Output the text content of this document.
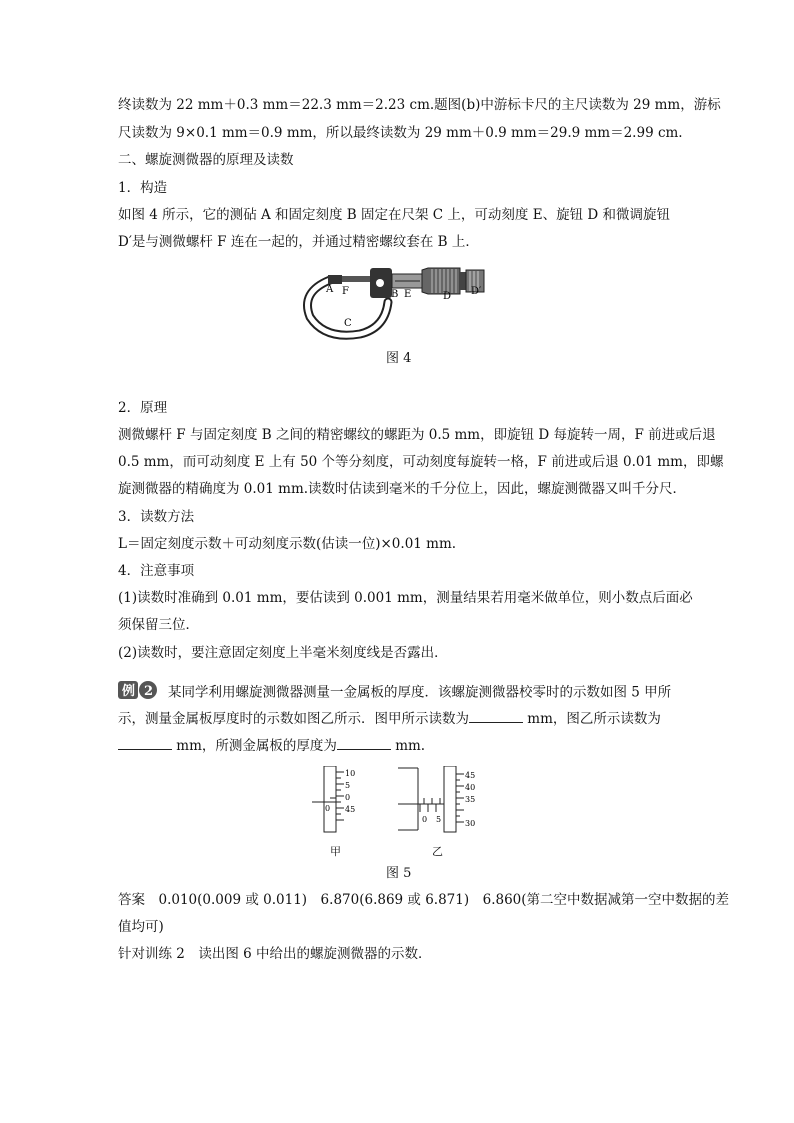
终读数为 22 mm＋0.3 mm＝22.3 mm＝2.23 cm.题图(b)中游标卡尺的主尺读数为 29 mm，游标
尺读数为 9×0.1 mm＝0.9 mm，所以最终读数为 29 mm＋0.9 mm＝29.9 mm＝2.99 cm.
二、螺旋测微器的原理及读数
1．构造
如图 4 所示，它的测砧 A 和固定刻度 B 固定在尺架 C 上，可动刻度 E、旋钮 D 和微调旋钮
D′是与测微螺杆 F 连在一起的，并通过精密螺纹套在 B 上．
A F	B E	D D′
C
图 4
2．原理
测微螺杆 F 与固定刻度 B 之间的精密螺纹的螺距为 0.5 mm，即旋钮 D 每旋转一周，F 前进或后退
0.5 mm，而可动刻度 E 上有 50 个等分刻度，可动刻度每旋转一格，F 前进或后退 0.01 mm，即螺
旋测微器的精确度为 0.01 mm.读数时估读到毫米的千分位上，因此，螺旋测微器又叫千分尺．
3．读数方法
L＝固定刻度示数＋可动刻度示数(估读一位)×0.01 mm.
4．注意事项
(1)读数时准确到 0.01 mm，要估读到 0.001 mm，测量结果若用毫米做单位，则小数点后面必
须保留三位．
(2)读数时，要注意固定刻度上半毫米刻度线是否露出．
例 2 某同学利用螺旋测微器测量一金属板的厚度．该螺旋测微器校零时的示数如图 5 甲所
示，测量金属板厚度时的示数如图乙所示．图甲所示读数为	mm，图乙所示读数为
mm，所测金属板的厚度为	mm.
10
5
0
45
0
45
40
35
30
0 5
甲	乙
图 5
答案　0.010(0.009 或 0.011)　6.870(6.869 或 6.871)　6.860(第二空中数据减第一空中数据的差
值均可)
针对训练 2　读出图 6 中给出的螺旋测微器的示数．
